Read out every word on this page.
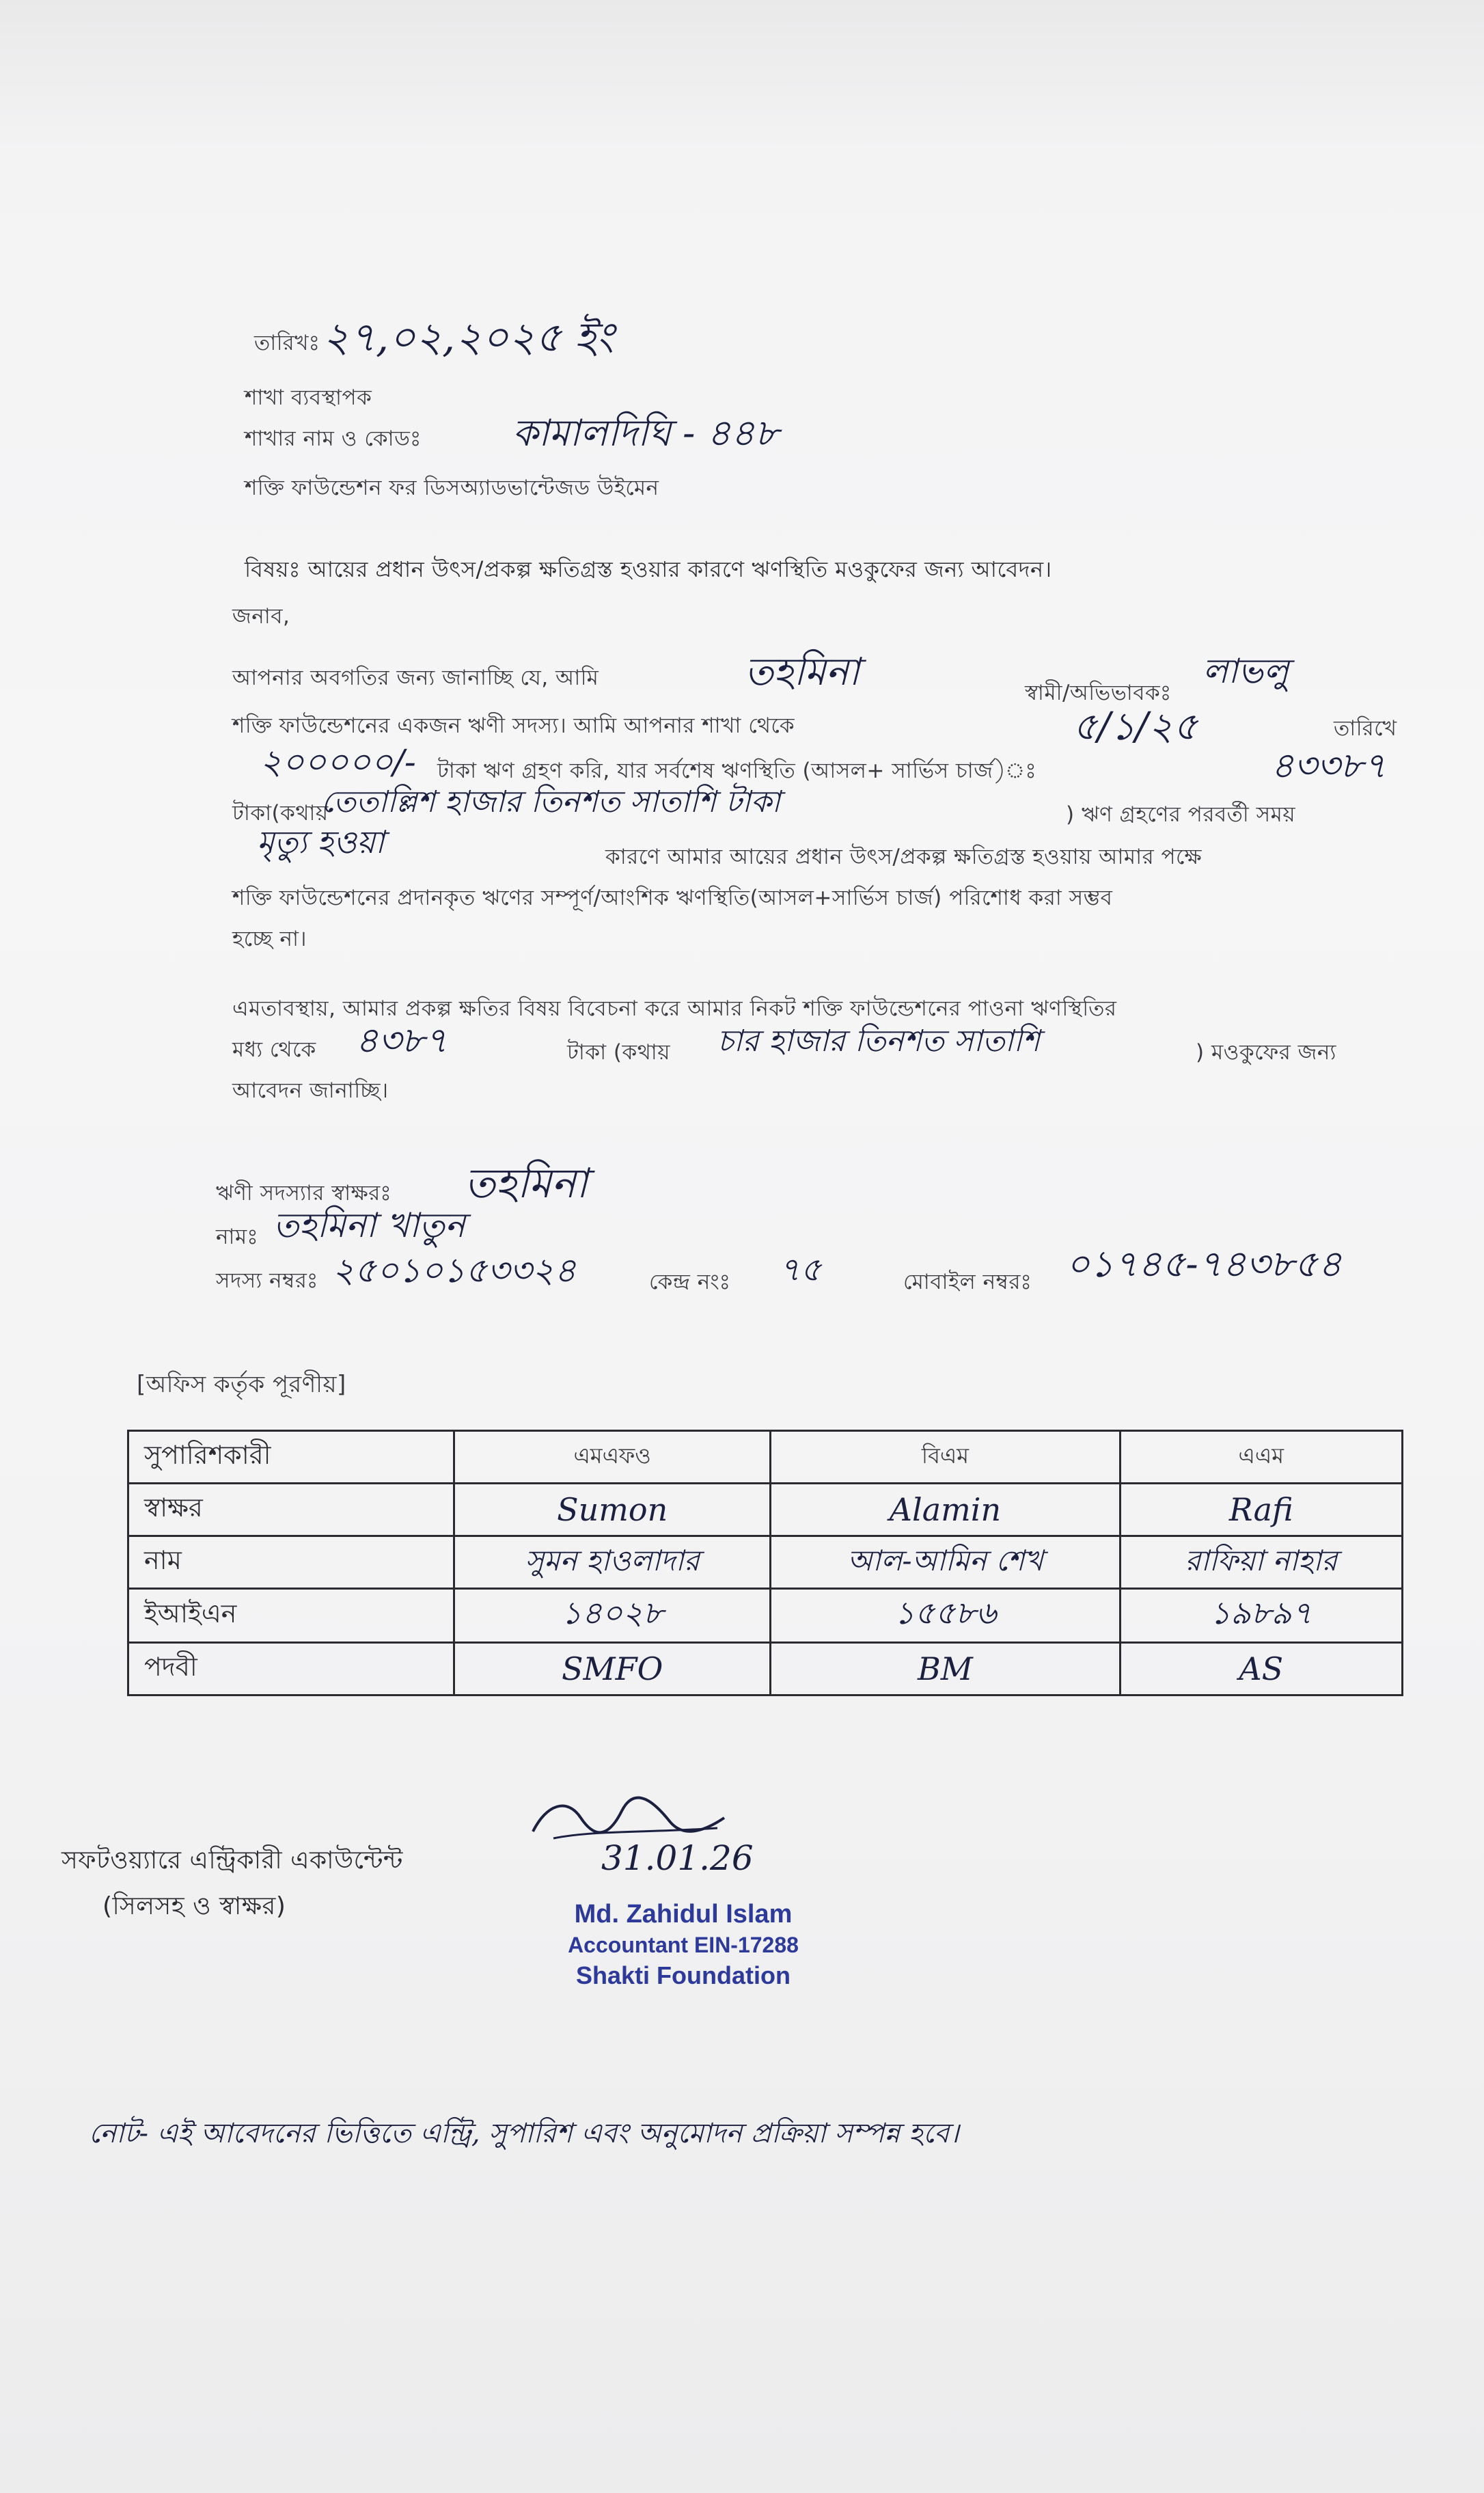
তারিখঃ ২৭,০২,২০২৫ ইং
শাখা ব্যবস্থাপক
শাখার নাম ও কোডঃ কামালদিঘি - ৪৪৮
শক্তি ফাউন্ডেশন ফর ডিসঅ্যাডভান্টেজড উইমেন
বিষয়ঃ আয়ের প্রধান উৎস/প্রকল্প ক্ষতিগ্রস্ত হওয়ার কারণে ঋণস্থিতি মওকুফের জন্য আবেদন।
জনাব,
আপনার অবগতির জন্য জানাচ্ছি যে, আমি	তহমিনা	স্বামী/অভিভাবকঃ
লাভলু
শক্তি ফাউন্ডেশনের একজন ঋণী সদস্য। আমি আপনার শাখা থেকে	৫/১/২৫	তারিখে
২০০০০০/- টাকা ঋণ গ্রহণ করি, যার সর্বশেষ ঋণস্থিতি (আসল+ সার্ভিস চার্জ)ঃ	৪৩৩৮৭
টাকা(কথায়
তেতাল্লিশ হাজার তিনশত সাতাশি টাকা	) ঋণ গ্রহণের পরবর্তী সময়
মৃত্যু হওয়া	কারণে আমার আয়ের প্রধান উৎস/প্রকল্প ক্ষতিগ্রস্ত হওয়ায় আমার পক্ষে
শক্তি ফাউন্ডেশনের প্রদানকৃত ঋণের সম্পূর্ণ/আংশিক ঋণস্থিতি(আসল+সার্ভিস চার্জ) পরিশোধ করা সম্ভব
হচ্ছে না।
এমতাবস্থায়, আমার প্রকল্প ক্ষতির বিষয় বিবেচনা করে আমার নিকট শক্তি ফাউন্ডেশনের পাওনা ঋণস্থিতির
মধ্য থেকে ৪৩৮৭	টাকা (কথায় চার হাজার তিনশত সাতাশি	) মওকুফের জন্য
আবেদন জানাচ্ছি।
ঋণী সদস্যার স্বাক্ষরঃ তহমিনা
নামঃ তহমিনা খাতুন
সদস্য নম্বরঃ ২৫০১০১৫৩৩২৪	কেন্দ্র নংঃ ৭৫	মোবাইল নম্বরঃ ০১৭৪৫-৭৪৩৮৫৪
[অফিস কর্তৃক পূরণীয়]
সুপারিশকারী	এমএফও	বিএম	এএম
স্বাক্ষর	Sumon	Alamin	Rafi
নাম	সুমন হাওলাদার	আল-আমিন শেখ	রাফিয়া নাহার
ইআইএন	১৪০২৮	১৫৫৮৬	১৯৮৯৭
পদবী	SMFO	BM	AS
সফটওয়্যারে এন্ট্রিকারী একাউন্টেন্ট
(সিলসহ ও স্বাক্ষর)
31.01.26
Md. Zahidul Islam
Accountant EIN-17288
Shakti Foundation
নোট- এই আবেদনের ভিত্তিতে এন্ট্রি, সুপারিশ এবং অনুমোদন প্রক্রিয়া সম্পন্ন হবে।
